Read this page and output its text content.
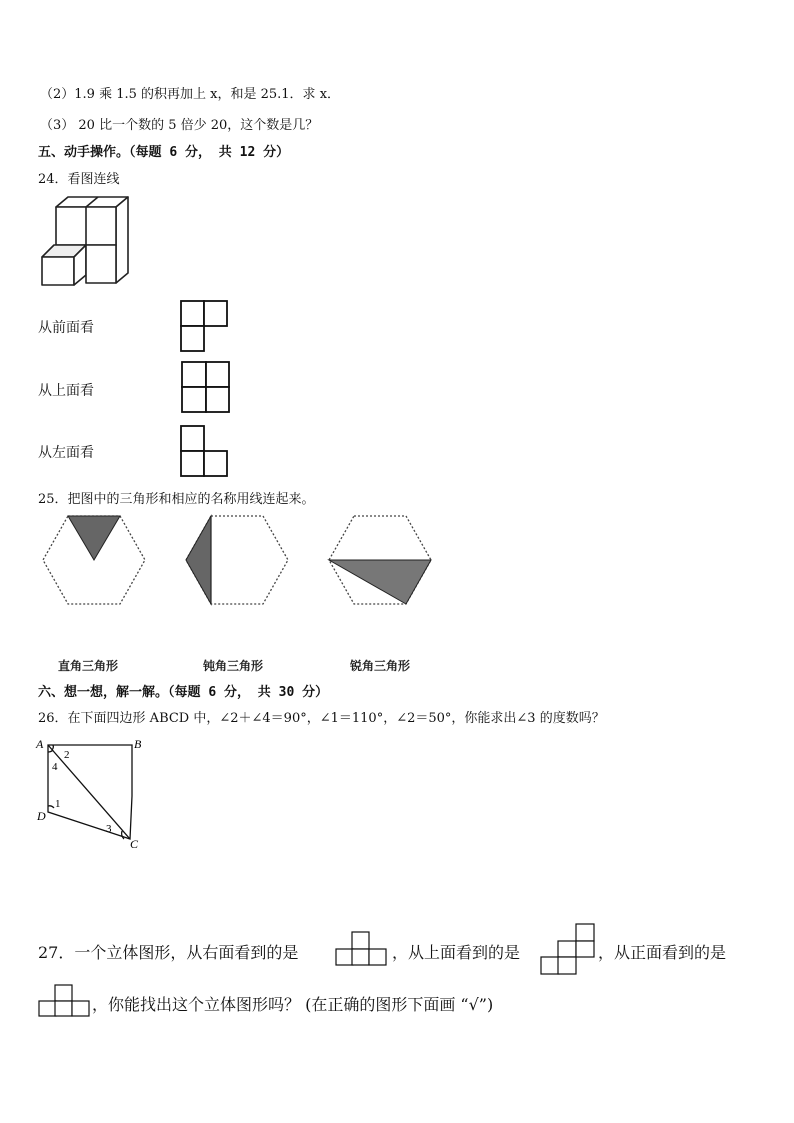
（2）1.9 乘 1.5 的积再加上 x，和是 25.1．求 x．
（3） 20 比一个数的 5 倍少 20，这个数是几？
五、动手操作。（每题 6 分， 共 12 分）
24．看图连线
从前面看
从上面看
从左面看
25．把图中的三角形和相应的名称用线连起来。
直角三角形	钝角三角形	锐角三角形
六、想一想，解一解。（每题 6 分， 共 30 分）
26．在下面四边形 ABCD 中，∠2＋∠4＝90°，∠1＝110°，∠2＝50°，你能求出∠3 的度数吗？
A	B
C
D
2
4
1
3
27．一个立体图形，从右面看到的是	，从上面看到的是	，从正面看到的是
，你能找出这个立体图形吗？ (在正确的图形下面画 “√”)
